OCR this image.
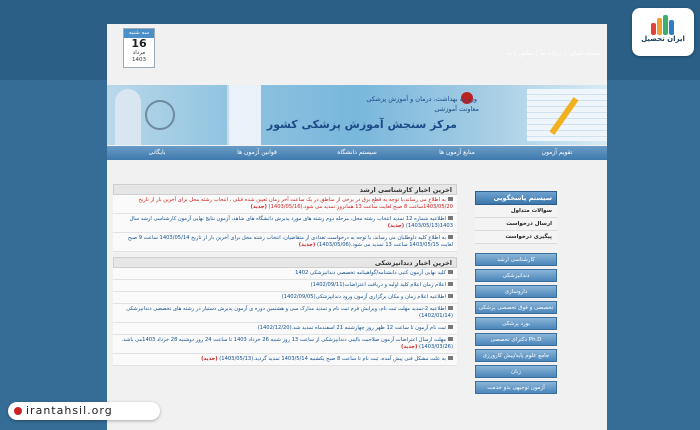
سه شنبه
16
مرداد
1403
صفحه اصلی| درباره ما| تماس با ما
وزارت بهداشت، درمان و آموزش پزشکی
معاونت آموزشی
مرکز سنجش آموزش پزشکی کشور
تقویم آزمون
منابع آزمون ها
سیستم دانشگاه
قوانین آزمون ها
بایگانی
اخرین اخبار کارشناسی ارشد
به اطلاع می رساند،با توجه به قطع برق در برخی از مناطق در یک ساعت آخر زمان تعیین شده قبلی ، انتخاب رشته محل برای آخرین بار از تاریخ 1403/05/20ساعت 8 صبح لغایت ساعت 13 همانروز تمدید می شود.(1403/05/16) (جدید)
اطلاعیه شماره 12 تمدید انتخاب رشته محل، مرحله دوم رشته های مورد پذیرش دانشگاه های شاهد، آزمون نتایج نهایی آزمون کارشناسی ارشد سال 1403(1403/05/13) (جدید)
به اطلاع کلیه داوطلبان می رساند، با توجه به درخواست تعدادی از متقاضیان، انتخاب رشته محل برای آخرین بار از تاریخ 1403/05/14 ساعت 9 صبح لغایت 1403/05/15 ساعت 13 تمدید می شود.(1403/05/06) (جدید)
اخرین اخبار دندانپزشکی
کلید نهایی آزمون کتبی دانشنامه/گواهینامه تخصصی دندانپزشکی 1402
اعلام زمان اعلام کلید اولیه و دریافت اعتراضات(1402/09/11)
اطلاعیه اعلام زمان و مکان برگزاری آزمون ورود دندانپزشکی(1402/09/05)
اطلاعیه 2-تمدید مهلت ثبت نام، ویرایش فرم ثبت نام و تمدید مدارک سی و هشتمین دوره ی آزمون پذیرش دستیار در رشته های تخصصی دندانپزشکی (1402/01/14)
ثبت نام آزمون تا ساعت 12 ظهر روز چهارشنبه 21 اسفندماه تمدید شد.(1402/12/20)
مهلت ارسال اعتراضات آزمون صلاحیت بالینی دندانپزشکی از ساعت 13 روز شنبه 26 خرداد 1403 تا ساعت 24 روز دوشنبه 28 خرداد 1403می باشد.(1403/03/26) (جدید)
به علت مشکل فنی پیش آمده، ثبت نام تا ساعت 8 صبح یکشنبه 1403/5/14 تمدید گردید.(1403/05/13) (جدید)
سیستم پاسخگویی
سوالات متداول
ارسال درخواست
پیگیری درخواست
کارشناسی ارشد
دندانپزشکی
داروسازی
تخصصی و فوق تخصصی پزشکی
بورد پزشکی
دکترای تخصصی Ph.D
جامع علوم پایه/پیش کارورزی
زبان
آزمون توجیهی بدو خدمت
ایران تحصیل
irantahsil.org
